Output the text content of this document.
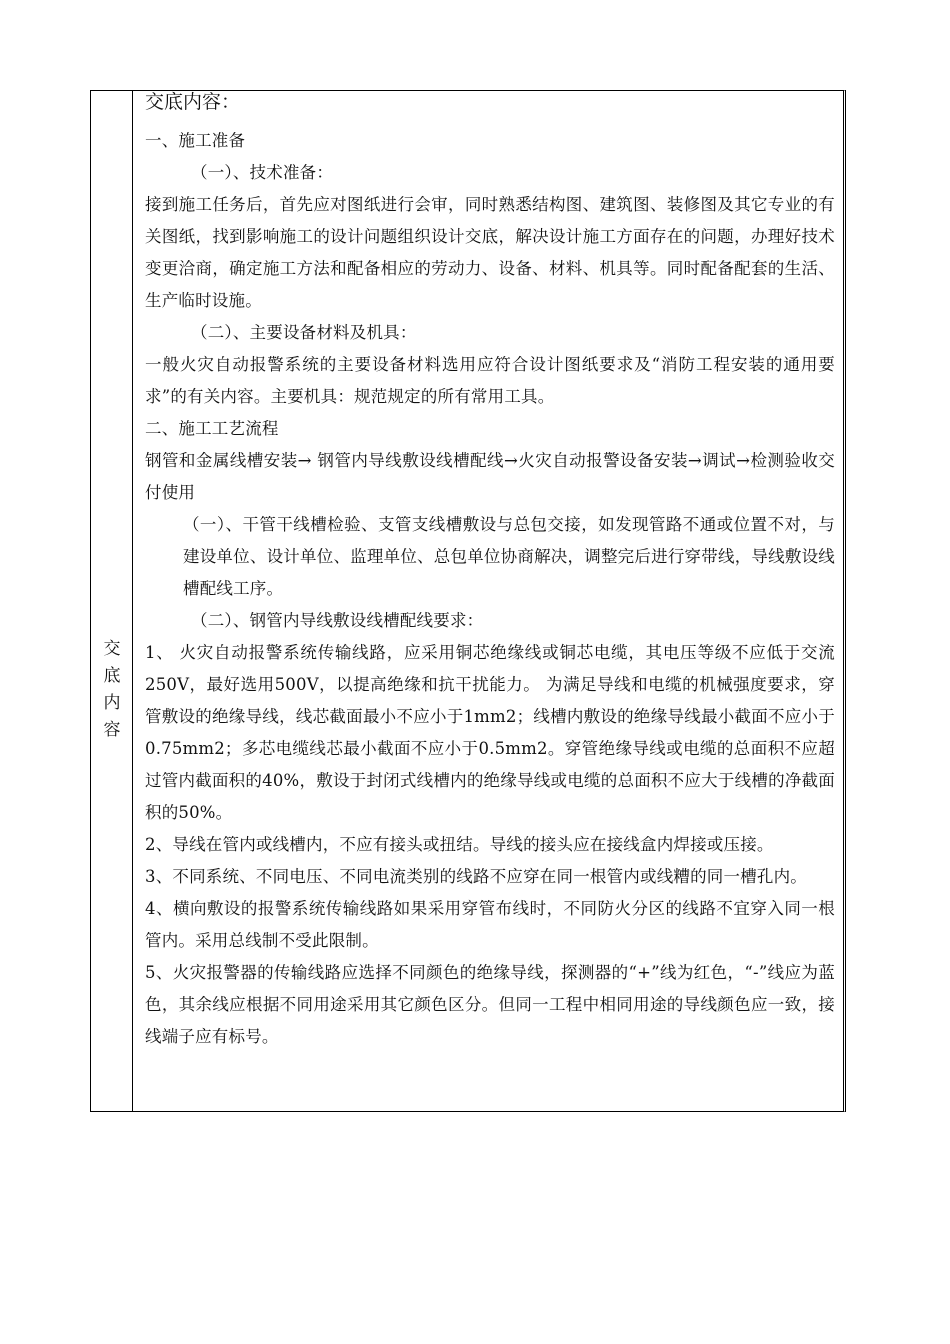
交
底
内
容

交底内容：

一、施工准备

（一）、技术准备：

接到施工任务后，首先应对图纸进行会审，同时熟悉结构图、建筑图、装修图及其它专业的有关图纸，找到影响施工的设计问题组织设计交底，解决设计施工方面存在的问题，办理好技术变更洽商，确定施工方法和配备相应的劳动力、设备、材料、机具等。同时配备配套的生活、生产临时设施。

（二）、主要设备材料及机具：

一般火灾自动报警系统的主要设备材料选用应符合设计图纸要求及“消防工程安装的通用要求”的有关内容。主要机具：规范规定的所有常用工具。

二、施工工艺流程

钢管和金属线槽安装→ 钢管内导线敷设线槽配线→火灾自动报警设备安装→调试→检测验收交付使用

（一）、干管干线槽检验、支管支线槽敷设与总包交接，如发现管路不通或位置不对，与建设单位、设计单位、监理单位、总包单位协商解决，调整完后进行穿带线，导线敷设线槽配线工序。

（二）、钢管内导线敷设线槽配线要求：

1、 火灾自动报警系统传输线路，应采用铜芯绝缘线或铜芯电缆，其电压等级不应低于交流250V，最好选用500V，以提高绝缘和抗干扰能力。 为满足导线和电缆的机械强度要求，穿管敷设的绝缘导线，线芯截面最小不应小于1mm2；线槽内敷设的绝缘导线最小截面不应小于0.75mm2；多芯电缆线芯最小截面不应小于0.5mm2。穿管绝缘导线或电缆的总面积不应超过管内截面积的40%，敷设于封闭式线槽内的绝缘导线或电缆的总面积不应大于线槽的净截面积的50%。

2、导线在管内或线槽内，不应有接头或扭结。导线的接头应在接线盒内焊接或压接。

3、不同系统、不同电压、不同电流类别的线路不应穿在同一根管内或线糟的同一槽孔内。

4、横向敷设的报警系统传输线路如果采用穿管布线时，不同防火分区的线路不宜穿入同一根管内。采用总线制不受此限制。

5、火灾报警器的传输线路应选择不同颜色的绝缘导线，探测器的“+”线为红色，“-”线应为蓝色，其余线应根据不同用途采用其它颜色区分。但同一工程中相同用途的导线颜色应一致，接线端子应有标号。
